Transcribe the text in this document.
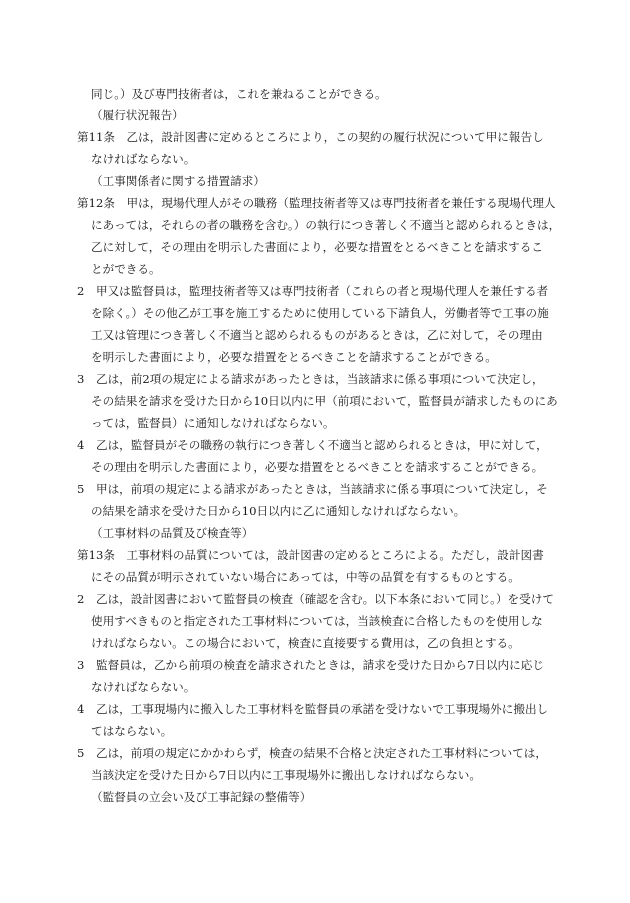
同じ。）及び専門技術者は，これを兼ねることができる。
（履行状況報告）
第11条　乙は，設計図書に定めるところにより，この契約の履行状況について甲に報告し
なければならない。
（工事関係者に関する措置請求）
第12条　甲は，現場代理人がその職務（監理技術者等又は専門技術者を兼任する現場代理人
にあっては，それらの者の職務を含む。）の執行につき著しく不適当と認められるときは，
乙に対して，その理由を明示した書面により，必要な措置をとるべきことを請求するこ
とができる。
2　甲又は監督員は，監理技術者等又は専門技術者（これらの者と現場代理人を兼任する者
を除く。）その他乙が工事を施工するために使用している下請負人，労働者等で工事の施
工又は管理につき著しく不適当と認められるものがあるときは，乙に対して，その理由
を明示した書面により，必要な措置をとるべきことを請求することができる。
3　乙は，前2項の規定による請求があったときは，当該請求に係る事項について決定し，
その結果を請求を受けた日から10日以内に甲（前項において，監督員が請求したものにあ
っては，監督員）に通知しなければならない。
4　乙は，監督員がその職務の執行につき著しく不適当と認められるときは，甲に対して，
その理由を明示した書面により，必要な措置をとるべきことを請求することができる。
5　甲は，前項の規定による請求があったときは，当該請求に係る事項について決定し，そ
の結果を請求を受けた日から10日以内に乙に通知しなければならない。
（工事材料の品質及び検査等）
第13条　工事材料の品質については，設計図書の定めるところによる。ただし，設計図書
にその品質が明示されていない場合にあっては，中等の品質を有するものとする。
2　乙は，設計図書において監督員の検査（確認を含む。以下本条において同じ。）を受けて
使用すべきものと指定された工事材料については，当該検査に合格したものを使用しな
ければならない。この場合において，検査に直接要する費用は，乙の負担とする。
3　監督員は，乙から前項の検査を請求されたときは，請求を受けた日から7日以内に応じ
なければならない。
4　乙は，工事現場内に搬入した工事材料を監督員の承諾を受けないで工事現場外に搬出し
てはならない。
5　乙は，前項の規定にかかわらず，検査の結果不合格と決定された工事材料については，
当該決定を受けた日から7日以内に工事現場外に搬出しなければならない。
（監督員の立会い及び工事記録の整備等）
